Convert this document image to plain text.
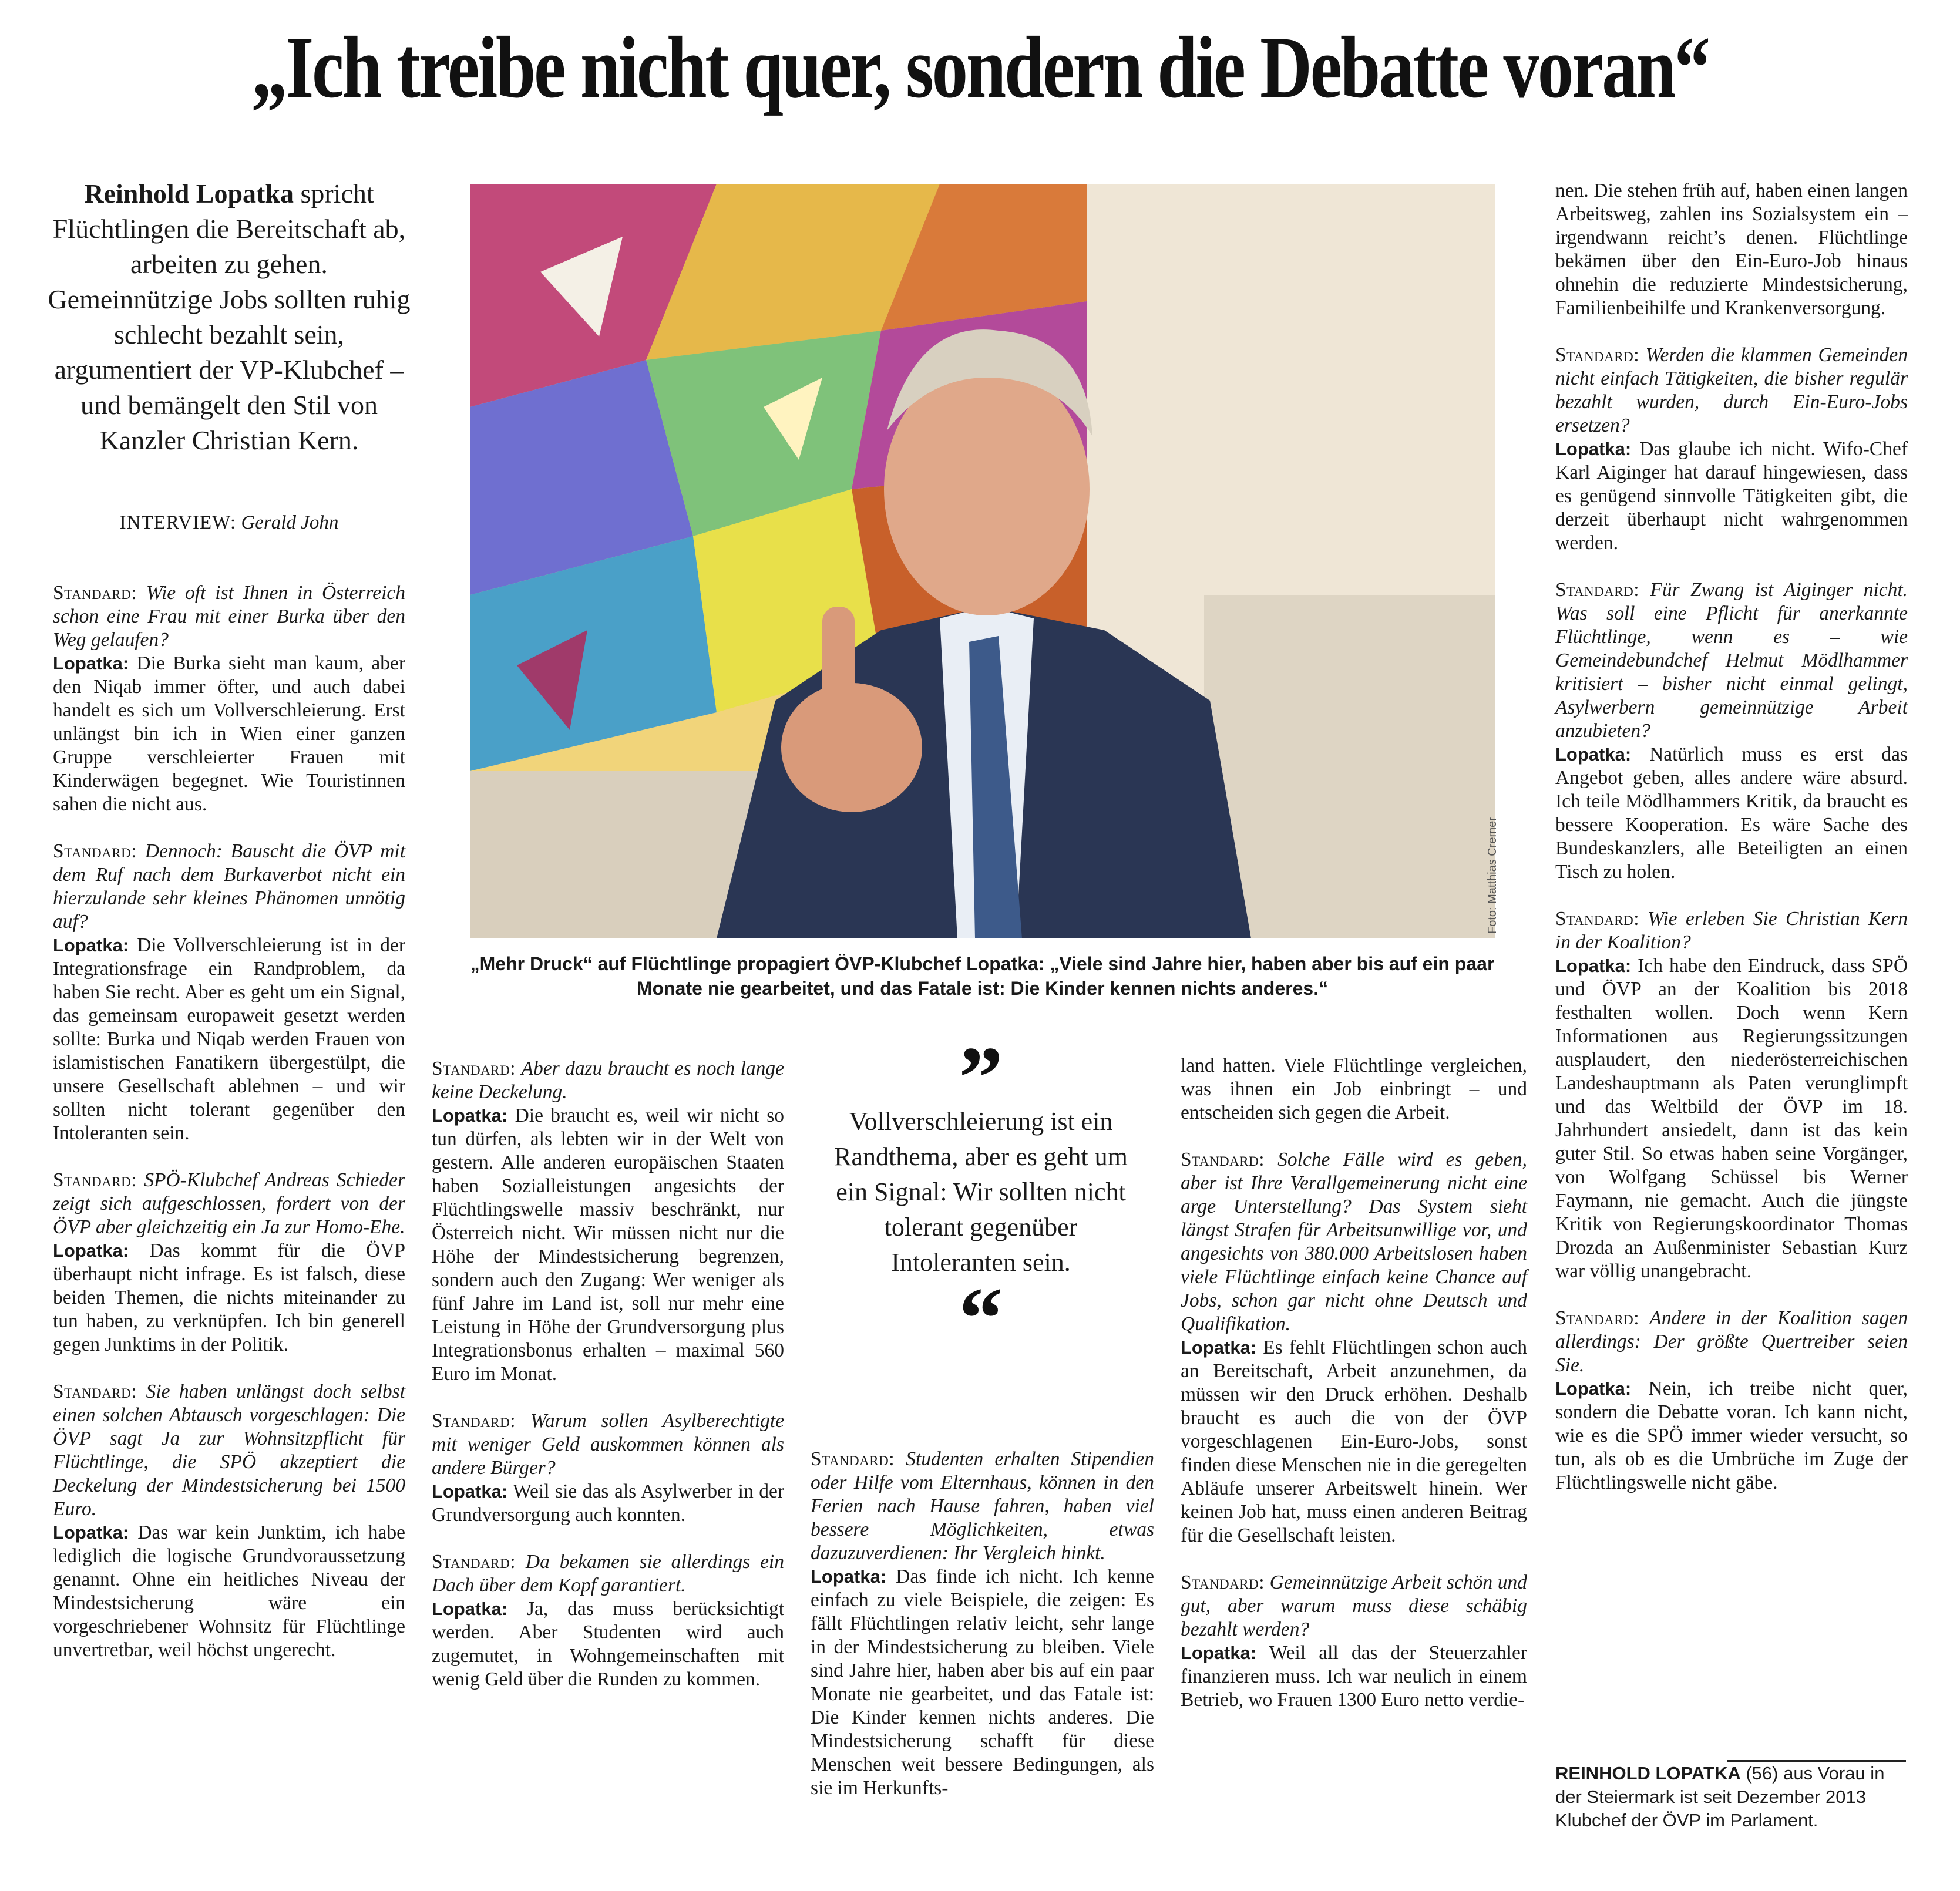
„Ich treibe nicht quer, sondern die Debatte voran“
Reinhold Lopatka spricht Flüchtlingen die Bereitschaft ab, arbeiten zu gehen. Gemeinnützige Jobs sollten ruhig schlecht bezahlt sein, argumentiert der VP-Klubchef – und bemängelt den Stil von Kanzler Christian Kern.
INTERVIEW: Gerald John

Standard: Wie oft ist Ihnen in Österreich schon eine Frau mit einer Burka über den Weg gelaufen?
Lopatka: Die Burka sieht man kaum, aber den Niqab immer öfter, und auch dabei handelt es sich um Vollverschleierung. Erst unlängst bin ich in Wien einer ganzen Gruppe verschleierter Frauen mit Kinderwägen begegnet. Wie Touristinnen sahen die nicht aus.

Standard: Dennoch: Bauscht die ÖVP mit dem Ruf nach dem Burkaverbot nicht ein hierzulande sehr kleines Phänomen unnötig auf?
Lopatka: Die Vollverschleierung ist in der Integrationsfrage ein Randproblem, da haben Sie recht. Aber es geht um ein Signal, das gemeinsam europaweit gesetzt werden sollte: Burka und Niqab werden Frauen von islamistischen Fanatikern übergestülpt, die unsere Gesellschaft ablehnen – und wir sollten nicht tolerant gegenüber den Intoleranten sein.

Standard: SPÖ-Klubchef Andreas Schieder zeigt sich aufgeschlossen, fordert von der ÖVP aber gleichzeitig ein Ja zur Homo-Ehe.
Lopatka: Das kommt für die ÖVP überhaupt nicht infrage. Es ist falsch, diese beiden Themen, die nichts miteinander zu tun haben, zu verknüpfen. Ich bin generell gegen Junktims in der Politik.

Standard: Sie haben unlängst doch selbst einen solchen Abtausch vorgeschlagen: Die ÖVP sagt Ja zur Wohnsitzpflicht für Flüchtlinge, die SPÖ akzeptiert die Deckelung der Mindestsicherung bei 1500 Euro.
Lopatka: Das war kein Junktim, ich habe lediglich die logische Grundvoraussetzung genannt. Ohne ein heitliches Niveau der Mindestsicherung wäre ein vorgeschriebener Wohnsitz für Flüchtlinge unvertretbar, weil höchst ungerecht.

Foto: Matthias Cremer
„Mehr Druck“ auf Flüchtlinge propagiert ÖVP-Klubchef Lopatka: „Viele sind Jahre hier, haben aber bis auf ein paar Monate nie gearbeitet, und das Fatale ist: Die Kinder kennen nichts anderes.“

Standard: Aber dazu braucht es noch lange keine Deckelung.
Lopatka: Die braucht es, weil wir nicht so tun dürfen, als lebten wir in der Welt von gestern. Alle anderen europäischen Staaten haben Sozialleistungen angesichts der Flüchtlingswelle massiv beschränkt, nur Österreich nicht. Wir müssen nicht nur die Höhe der Mindestsicherung begrenzen, sondern auch den Zugang: Wer weniger als fünf Jahre im Land ist, soll nur mehr eine Leistung in Höhe der Grundversorgung plus Integrationsbonus erhalten – maximal 560 Euro im Monat.

Standard: Warum sollen Asylberechtigte mit weniger Geld auskommen können als andere Bürger?
Lopatka: Weil sie das als Asylwerber in der Grundversorgung auch konnten.

Standard: Da bekamen sie allerdings ein Dach über dem Kopf garantiert.
Lopatka: Ja, das muss berücksichtigt werden. Aber Studenten wird auch zugemutet, in Wohngemeinschaften mit wenig Geld über die Runden zu kommen.

”
Vollverschleierung ist ein Randthema, aber es geht um ein Signal: Wir sollten nicht tolerant gegenüber Intoleranten sein.
“

Standard: Studenten erhalten Stipendien oder Hilfe vom Elternhaus, können in den Ferien nach Hause fahren, haben viel bessere Möglichkeiten, etwas dazuzuverdienen: Ihr Vergleich hinkt.
Lopatka: Das finde ich nicht. Ich kenne einfach zu viele Beispiele, die zeigen: Es fällt Flüchtlingen relativ leicht, sehr lange in der Mindestsicherung zu bleiben. Viele sind Jahre hier, haben aber bis auf ein paar Monate nie gearbeitet, und das Fatale ist: Die Kinder kennen nichts anderes. Die Mindestsicherung schafft für diese Menschen weit bessere Bedingungen, als sie im Herkunfts-

land hatten. Viele Flüchtlinge vergleichen, was ihnen ein Job einbringt – und entscheiden sich gegen die Arbeit.

Standard: Solche Fälle wird es geben, aber ist Ihre Verallgemeinerung nicht eine arge Unterstellung? Das System sieht längst Strafen für Arbeitsunwillige vor, und angesichts von 380.000 Arbeitslosen haben viele Flüchtlinge einfach keine Chance auf Jobs, schon gar nicht ohne Deutsch und Qualifikation.
Lopatka: Es fehlt Flüchtlingen schon auch an Bereitschaft, Arbeit anzunehmen, da müssen wir den Druck erhöhen. Deshalb braucht es auch die von der ÖVP vorgeschlagenen Ein-Euro-Jobs, sonst finden diese Menschen nie in die geregelten Abläufe unserer Arbeitswelt hinein. Wer keinen Job hat, muss einen anderen Beitrag für die Gesellschaft leisten.

Standard: Gemeinnützige Arbeit schön und gut, aber warum muss diese schäbig bezahlt werden?
Lopatka: Weil all das der Steuerzahler finanzieren muss. Ich war neulich in einem Betrieb, wo Frauen 1300 Euro netto verdie-

nen. Die stehen früh auf, haben einen langen Arbeitsweg, zahlen ins Sozialsystem ein – irgendwann reicht’s denen. Flüchtlinge bekämen über den Ein-Euro-Job hinaus ohnehin die reduzierte Mindestsicherung, Familienbeihilfe und Krankenversorgung.

Standard: Werden die klammen Gemeinden nicht einfach Tätigkeiten, die bisher regulär bezahlt wurden, durch Ein-Euro-Jobs ersetzen?
Lopatka: Das glaube ich nicht. Wifo-Chef Karl Aiginger hat darauf hingewiesen, dass es genügend sinnvolle Tätigkeiten gibt, die derzeit überhaupt nicht wahrgenommen werden.

Standard: Für Zwang ist Aiginger nicht. Was soll eine Pflicht für anerkannte Flüchtlinge, wenn es – wie Gemeindebundchef Helmut Mödlhammer kritisiert – bisher nicht einmal gelingt, Asylwerbern gemeinnützige Arbeit anzubieten?
Lopatka: Natürlich muss es erst das Angebot geben, alles andere wäre absurd. Ich teile Mödlhammers Kritik, da braucht es bessere Kooperation. Es wäre Sache des Bundeskanzlers, alle Beteiligten an einen Tisch zu holen.

Standard: Wie erleben Sie Christian Kern in der Koalition?
Lopatka: Ich habe den Eindruck, dass SPÖ und ÖVP an der Koalition bis 2018 festhalten wollen. Doch wenn Kern Informationen aus Regierungssitzungen ausplaudert, den niederösterreichischen Landeshauptmann als Paten verunglimpft und das Weltbild der ÖVP im 18. Jahrhundert ansiedelt, dann ist das kein guter Stil. So etwas haben seine Vorgänger, von Wolfgang Schüssel bis Werner Faymann, nie gemacht. Auch die jüngste Kritik von Regierungskoordinator Thomas Drozda an Außenminister Sebastian Kurz war völlig unangebracht.

Standard: Andere in der Koalition sagen allerdings: Der größte Quertreiber seien Sie.
Lopatka: Nein, ich treibe nicht quer, sondern die Debatte voran. Ich kann nicht, wie es die SPÖ immer wieder versucht, so tun, als ob es die Umbrüche im Zuge der Flüchtlingswelle nicht gäbe.

REINHOLD LOPATKA (56) aus Vorau in der Steiermark ist seit Dezember 2013 Klubchef der ÖVP im Parlament.
